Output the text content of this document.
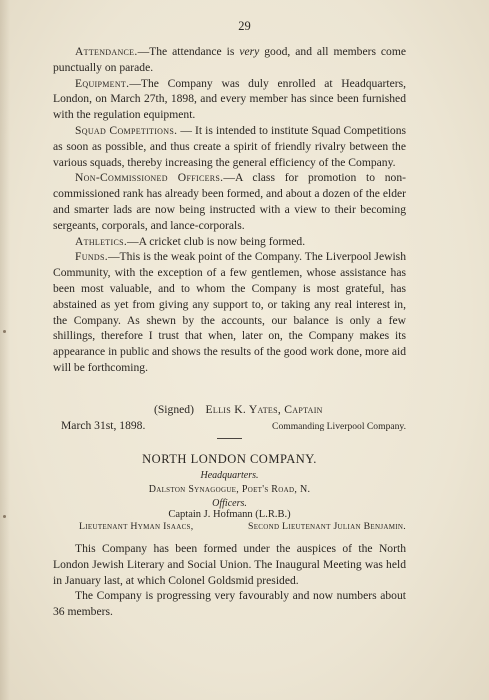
29

Attendance.—The attendance is very good, and all members come punctually on parade.

Equipment.—The Company was duly enrolled at Headquarters, London, on March 27th, 1898, and every member has since been furnished with the regulation equipment.

Squad Competitions. — It is intended to institute Squad Competitions as soon as possible, and thus create a spirit of friendly rivalry between the various squads, thereby increasing the general efficiency of the Company.

Non-Commissioned Officers.—A class for promotion to noncommissioned rank has already been formed, and about a dozen of the elder and smarter lads are now being instructed with a view to their becoming sergeants, corporals, and lance-corporals.

Athletics.—A cricket club is now being formed.

Funds.—This is the weak point of the Company. The Liverpool Jewish Community, with the exception of a few gentlemen, whose assistance has been most valuable, and to whom the Company is most grateful, has abstained as yet from giving any support to, or taking any real interest in, the Company. As shewn by the accounts, our balance is only a few shillings, therefore I trust that when, later on, the Company makes its appearance in public and shows the results of the good work done, more aid will be forthcoming.

(Signed) Ellis K. Yates, Captain
March 31st, 1898.	Commanding Liverpool Company.
NORTH LONDON COMPANY.
Headquarters.
Dalston Synagogue, Poet's Road, N.
Officers.
Captain J. Hofmann (L.R.B.)
Lieutenant Hyman Isaacs,	Second Lieutenant Julian Benjamin.

This Company has been formed under the auspices of the North London Jewish Literary and Social Union. The Inaugural Meeting was held in January last, at which Colonel Goldsmid presided.

The Company is progressing very favourably and now numbers about 36 members.
